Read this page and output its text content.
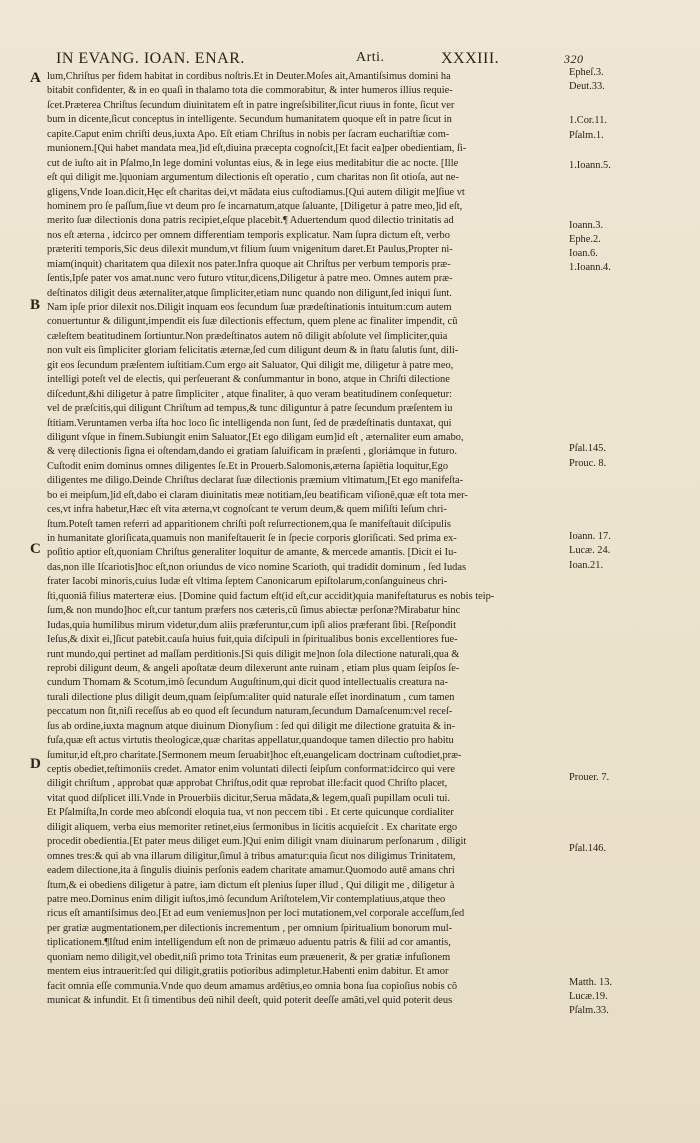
IN EVANG. IOAN. ENAR.	Arti.	XXXIII.	320
A
B
C
D
lum,Chriſtus per fidem habitat in cordibus noſtris.Et in Deuter.Moſes ait,Amantiſsimus domini ha
bitabit confidenter, & in eo quaſi in thalamo tota die commorabitur, & inter humeros illius requie-
ſcet.Præterea Chriſtus ſecundum diuinitatem eſt in patre ingreſsibiliter,ſicut riuus in fonte, ſicut ver
bum in dicente,ſicut conceptus in intelligente. Secundum humanitatem quoque eſt in patre ſicut in
capite.Caput enim chriſti deus,iuxta Apo. Eſt etiam Chriſtus in nobis per ſacram euchariſtiæ com-
munionem.[Qui habet mandata mea,]id eſt,diuina præcepta cognoſcit,[Et facit ea]per obedientiam, ſi-
cut de iuſto ait in Pſalmo,In lege domini voluntas eius, & in lege eius meditabitur die ac nocte. [Ille
eſt qui diligit me.]quoniam argumentum dilectionis eſt operatio , cum charitas non ſit otioſa, aut ne-
gligens,Vnde Ioan.dicit,Hęc eſt charitas dei,vt mãdata eius cuſtodiamus.[Qui autem diligit me]ſiue vt
hominem pro ſe paſſum,ſiue vt deum pro ſe incarnatum,atque ſaluante, [Diligetur à patre meo,]id eſt,
merito ſuæ dilectionis dona patris recipiet,eſque placebit.¶ Aduertendum quod dilectio trinitatis ad
nos eſt æterna , idcirco per omnem differentiam temporis explicatur. Nam ſupra dictum eſt, verbo
præteriti temporis,Sic deus dilexit mundum,vt filium ſuum vnigenitum daret.Et Paulus,Propter ni-
miam(inquit) charitatem qua dilexit nos pater.Infra quoque ait Chriſtus per verbum temporis præ-
ſentis,Ipſe pater vos amat.nunc vero futuro vtitur,dicens,Diligetur à patre meo. Omnes autem præ-
deſtinatos diligit deus æternaliter,atque ſimpliciter,etiam nunc quando non diligunt,ſed iniqui ſunt.
Nam ipſe prior dilexit nos.Diligit inquam eos ſecundum ſuæ prædeſtinationis intuitum:cum autem
conuertuntur & diligunt,impendit eis ſuæ dilectionis effectum, quem plene ac finaliter impendit, cũ
cæleſtem beatitudinem ſortiuntur.Non prædeſtinatos autem nõ diligit abſolute vel ſimpliciter,quia
non vult eis ſimpliciter gloriam felicitatis æternæ,ſed cum diligunt deum & in ſtatu ſalutis ſunt, dili-
git eos ſecundum præſentem iuſtitiam.Cum ergo ait Saluator, Qui diligit me, diligetur à patre meo,
intelligi poteſt vel de electis, qui perſeuerant & conſummantur in bono, atque in Chriſti dilectione
diſcedunt,&hi diligetur à patre ſimpliciter , atque finaliter, à quo veram beatitudinem conſequetur:
vel de præſcitis,qui diligunt Chriſtum ad tempus,& tunc diliguntur à patre ſecundum præſentem iu
ſtitiam.Veruntamen verba iſta hoc loco ſic intelligenda non ſunt, ſed de prædeſtinatis duntaxat, qui
diligunt vſque in finem.Subiungit enim Saluator,[Et ego diligam eum]id eſt , æternaliter eum amabo,
& verę dilectionis ſigna ei oſtendam,dando ei gratiam ſaluificam in præſenti , gloriámque in futuro.
Cuſtodit enim dominus omnes diligentes ſe.Et in Prouerb.Salomonis,æterna ſapiētia loquitur,Ego
diligentes me diligo.Deinde Chriſtus declarat ſuæ dilectionis præmium vltimatum,[Et ego manifeſta-
bo ei meipſum,]id eſt,dabo ei claram diuinitatis meæ notitiam,ſeu beatificam viſionē,quæ eſt tota mer-
ces,vt infra habetur,Hæc eſt vita æterna,vt cognoſcant te verum deum,& quem miſiſti Ieſum chri-
ſtum.Poteſt tamen referri ad apparitionem chriſti poſt reſurrectionem,qua ſe manifeſtauit diſcipulis
in humanitate gloriſicata,quamuis non manifeſtauerit ſe in ſpecie corporis gloriſicati. Sed prima ex-
poſitio aptior eſt,quoniam Chriſtus generaliter loquitur de amante, & mercede amantis. [Dicit ei Iu-
das,non ille Iſcariotis]hoc eſt,non oriundus de vico nomine Scarioth, qui tradidit dominum , ſed Iudas
frater Iacobi minoris,cuius Iudæ eſt vltima ſeptem Canonicarum epiſtolarum,conſanguineus chri-
ſti,quoniã filius materteræ eius. [Domine quid factum eſt(id eſt,cur accidit)quia manifeſtaturus es nobis teip-
ſum,& non mundo]hoc eſt,cur tantum præfers nos cæteris,cũ ſimus abiectæ perſonæ?Mirabatur hinc
Iudas,quia humilibus mirum videtur,dum aliis præferuntur,cum ipſi alios præferant ſibi. [Reſpondit
Ieſus,& dixit ei,]ſicut patebit.cauſa huius fuit,quia diſcipuli in ſpiritualibus bonis excellentiores fue-
runt mundo,qui pertinet ad maſſam perditionis.[Si quis diligit me]non ſola dilectione naturali,qua &
reprobi diligunt deum, & angeli apoſtatæ deum dilexerunt ante ruinam , etiam plus quam ſeipſos ſe-
cundum Thomam & Scotum,imò ſecundum Auguſtinum,qui dicit quod intellectualis creatura na-
turali dilectione plus diligit deum,quam ſeipſum:aliter quid naturale eſſet inordinatum , cum tamen
peccatum non ſit,niſi receſſus ab eo quod eſt ſecundum naturam,ſecundum Damaſcenum:vel receſ-
ſus ab ordine,iuxta magnum atque diuinum Dionyſium : ſed qui diligit me dilectione gratuita & in-
fuſa,quæ eſt actus virtutis theologicæ,quæ charitas appellatur,quandoque tamen dilectio pro habitu
ſumitur,id eſt,pro charitate.[Sermonem meum ſeruabit]hoc eſt,euangelicam doctrinam cuſtodiet,præ-
ceptis obediet,teſtimoniis credet. Amator enim voluntati dilecti ſeipſum conformat:idcirco qui vere
diligit chriſtum , approbat quæ approbat Chriſtus,odit quæ reprobat ille:facit quod Chriſto placet,
vitat quod diſplicet illi.Vnde in Prouerbiis dicitur,Serua mãdata,& legem,quaſi pupillam oculi tui.
Et Pſalmiſta,In corde meo abſcondi eloquia tua, vt non peccem tibi . Et certe quicunque cordialiter
diligit aliquem, verba eius memoriter retinet,eius ſermonibus in licitis acquieſcit . Ex charitate ergo
procedit obedientia.[Et pater meus diliget eum.]Qui enim diligit vnam diuinarum perſonarum , diligit
omnes tres:& qui ab vna illarum diligitur,ſimul à tribus amatur:quia ſicut nos diligimus Trinitatem,
eadem dilectione,ita à ſingulis diuinis perſonis eadem charitate amamur.Quomodo autē amans chri
ſtum,& ei obediens diligetur à patre, iam dictum eſt plenius ſuper illud , Qui diligit me , diligetur à
patre meo.Dominus enim diligit iuſtos,imò ſecundum Ariſtotelem,Vir contemplatiuus,atque theo
ricus eſt amantiſsimus deo.[Et ad eum veniemus]non per loci mutationem,vel corporale acceſſum,ſed
per gratiæ augmentationem,per dilectionis incrementum , per omnium ſpiritualium bonorum mul-
tiplicationem.¶Iſtud enim intelligendum eſt non de primæuo aduentu patris & filii ad cor amantis,
quoniam nemo diligit,vel obedit,niſi primo tota Trinitas eum præuenerit, & per gratiæ infuſionem
mentem eius intrauerit:ſed qui diligit,gratiis potioribus adimpletur.Habenti enim dabitur. Et amor
facit omnia eſſe communia.Vnde quo deum amamus ardētius,eo omnia bona ſua copioſius nobis cõ
municat & infundit. Et ſi timentibus deũ nihil deeſt, quid poterit deeſſe amãti,vel quid poterit deus
Epheſ.3.
Deut.33.
1.Cor.11.
Pſalm.1.
1.Ioann.5.
Ioann.3.
Ephe.2.
Ioan.6.
1.Ioann.4.
Pſal.145.
Prouc. 8.
Ioann. 17.
Lucæ. 24.
Ioan.21.
Prouer. 7.
Pſal.146.
Matth. 13.
Lucæ.19.
Pſalm.33.
